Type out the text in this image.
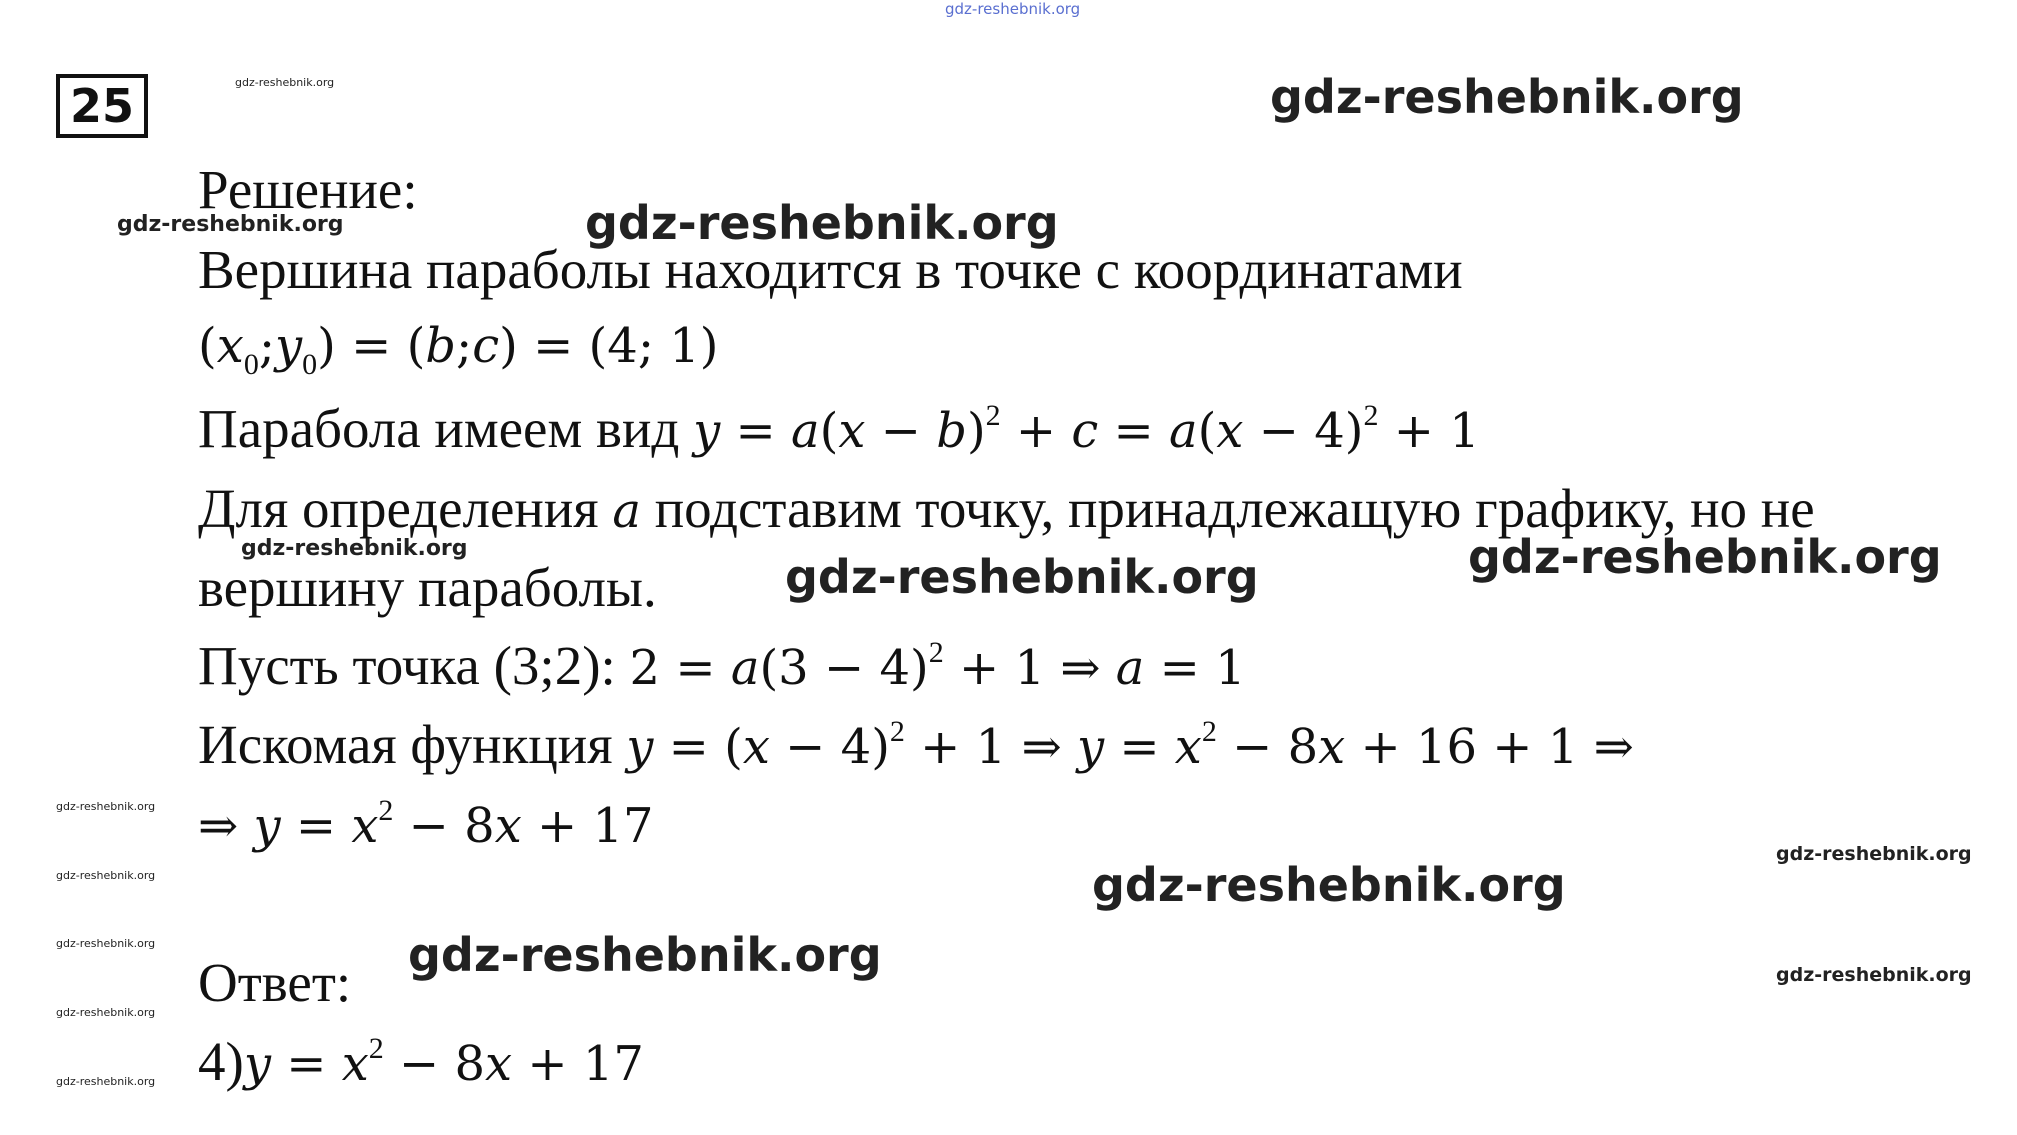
gdz-reshebnik.org
25	gdz-reshebnik.org	gdz-reshebnik.org
gdz-reshebnik.org
gdz-reshebnik.org
gdz-reshebnik.org
gdz-reshebnik.org	gdz-reshebnik.org
gdz-reshebnik.org
gdz-reshebnik.org
gdz-reshebnik.org	gdz-reshebnik.org
gdz-reshebnik.org
gdz-reshebnik.org
gdz-reshebnik.org
gdz-reshebnik.org
gdz-reshebnik.org
Решение:
Вершина параболы находится в точке с координатами
$(x_0;y_0)$ = (b;c) = (4; 1)
Парабола имеем вид $y = a(x - b)^2 + c = a(x - 4)^2 + 1$
Для определения a подставим точку, принадлежащую графику, но не
вершину параболы.
Пусть точка (3;2): $2 = a(3 - 4)^2 + 1$ ⇒ a = 1
Искомая функция $y = (x - 4)^2 + 1$ ⇒ $y = x^2 - 8x + 16 + 1$ ⇒
⇒ $y = x^2 - 8x + 17$
Ответ:
$4)y = x^2 - 8x + 17$
